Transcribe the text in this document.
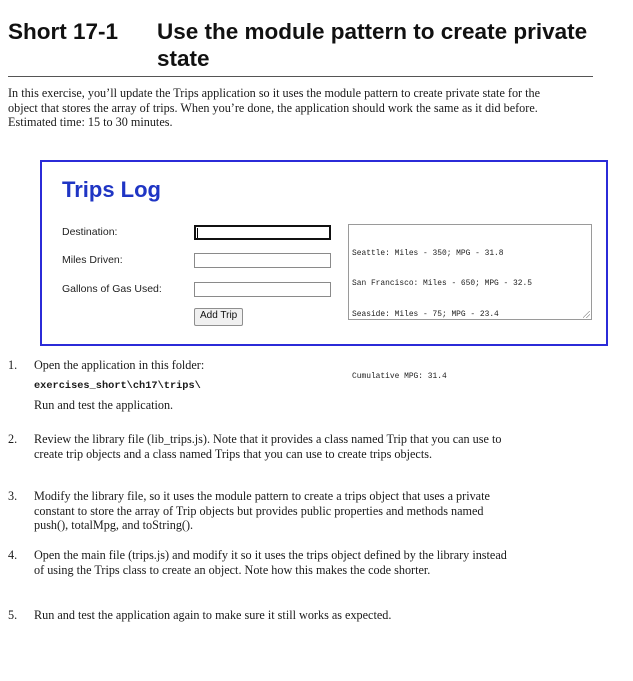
Short 17-1 Use the module pattern to create private state
In this exercise, you’ll update the Trips application so it uses the module pattern to create private state for the object that stores the array of trips. When you’re done, the application should work the same as it did before. Estimated time: 15 to 30 minutes.
Trips Log
Destination:
Miles Driven:
Gallons of Gas Used:
Add Trip

Seattle: Miles - 350; MPG - 31.8

San Francisco: Miles - 650; MPG - 32.5

Seaside: Miles - 75; MPG - 23.4

Cumulative MPG: 31.4

1. Open the application in this folder:
exercises_short\ch17\trips\
Run and test the application.
2. Review the library file (lib_trips.js). Note that it provides a class named Trip that you can use to create trip objects and a class named Trips that you can use to create trips objects.
3. Modify the library file, so it uses the module pattern to create a trips object that uses a private constant to store the array of Trip objects but provides public properties and methods named push(), totalMpg, and toString().
4. Open the main file (trips.js) and modify it so it uses the trips object defined by the library instead of using the Trips class to create an object. Note how this makes the code shorter.
5. Run and test the application again to make sure it still works as expected.
